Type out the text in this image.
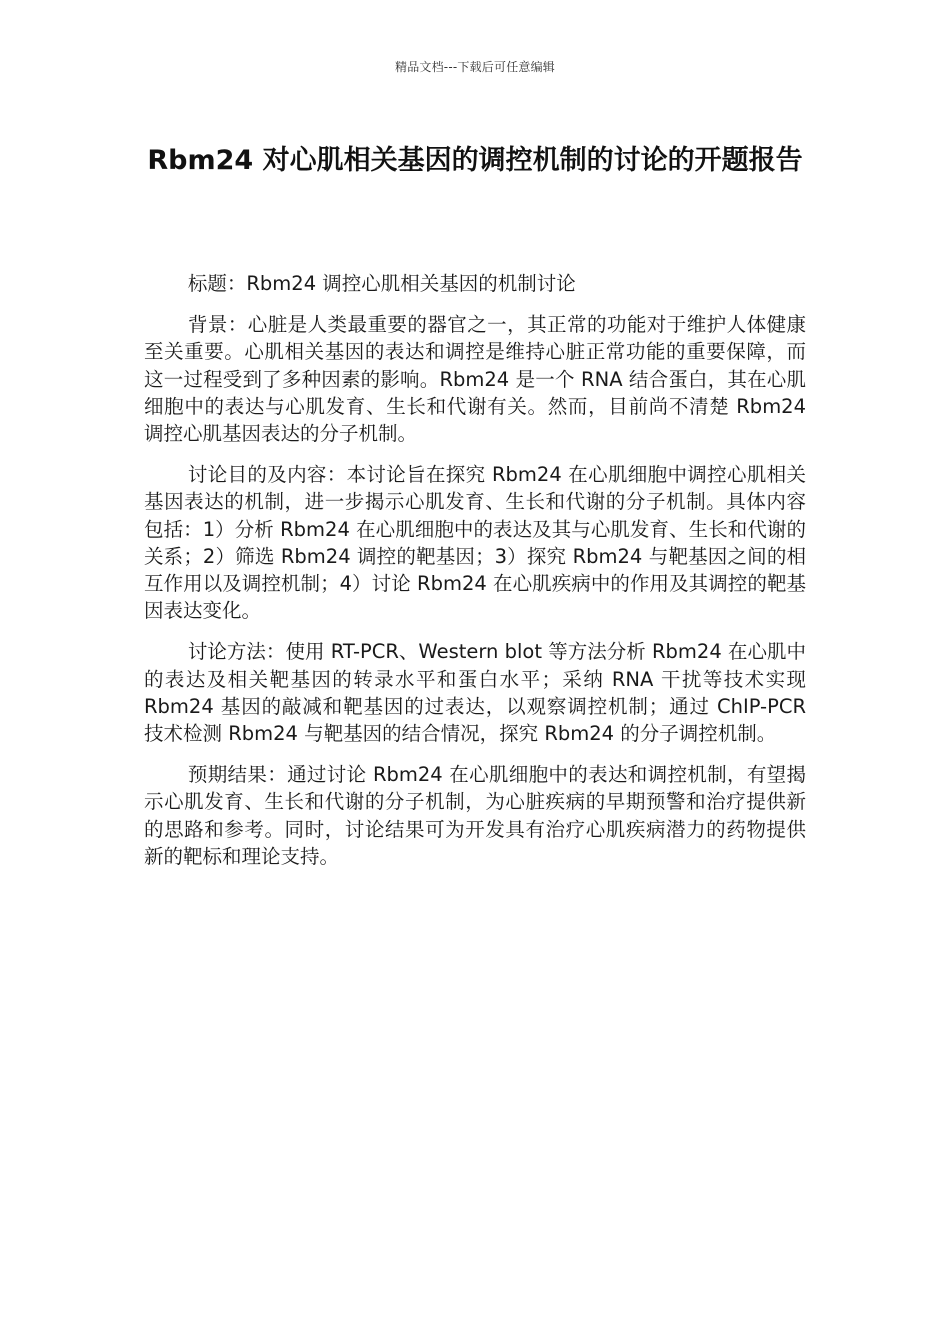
精品文档---下载后可任意编辑
Rbm24 对心肌相关基因的调控机制的讨论的开题报告

标题：Rbm24 调控心肌相关基因的机制讨论

背景：心脏是人类最重要的器官之一，其正常的功能对于维护人体健康至关重要。心肌相关基因的表达和调控是维持心脏正常功能的重要保障，而这一过程受到了多种因素的影响。Rbm24 是一个 RNA 结合蛋白，其在心肌细胞中的表达与心肌发育、生长和代谢有关。然而，目前尚不清楚 Rbm24 调控心肌基因表达的分子机制。

讨论目的及内容：本讨论旨在探究 Rbm24 在心肌细胞中调控心肌相关基因表达的机制，进一步揭示心肌发育、生长和代谢的分子机制。具体内容包括：1）分析 Rbm24 在心肌细胞中的表达及其与心肌发育、生长和代谢的关系；2）筛选 Rbm24 调控的靶基因；3）探究 Rbm24 与靶基因之间的相互作用以及调控机制；4）讨论 Rbm24 在心肌疾病中的作用及其调控的靶基因表达变化。

讨论方法：使用 RT-PCR、Western blot 等方法分析 Rbm24 在心肌中的表达及相关靶基因的转录水平和蛋白水平；采纳 RNA 干扰等技术实现 Rbm24 基因的敲减和靶基因的过表达，以观察调控机制；通过 ChIP-PCR 技术检测 Rbm24 与靶基因的结合情况，探究 Rbm24 的分子调控机制。

预期结果：通过讨论 Rbm24 在心肌细胞中的表达和调控机制，有望揭示心肌发育、生长和代谢的分子机制，为心脏疾病的早期预警和治疗提供新的思路和参考。同时，讨论结果可为开发具有治疗心肌疾病潜力的药物提供新的靶标和理论支持。
